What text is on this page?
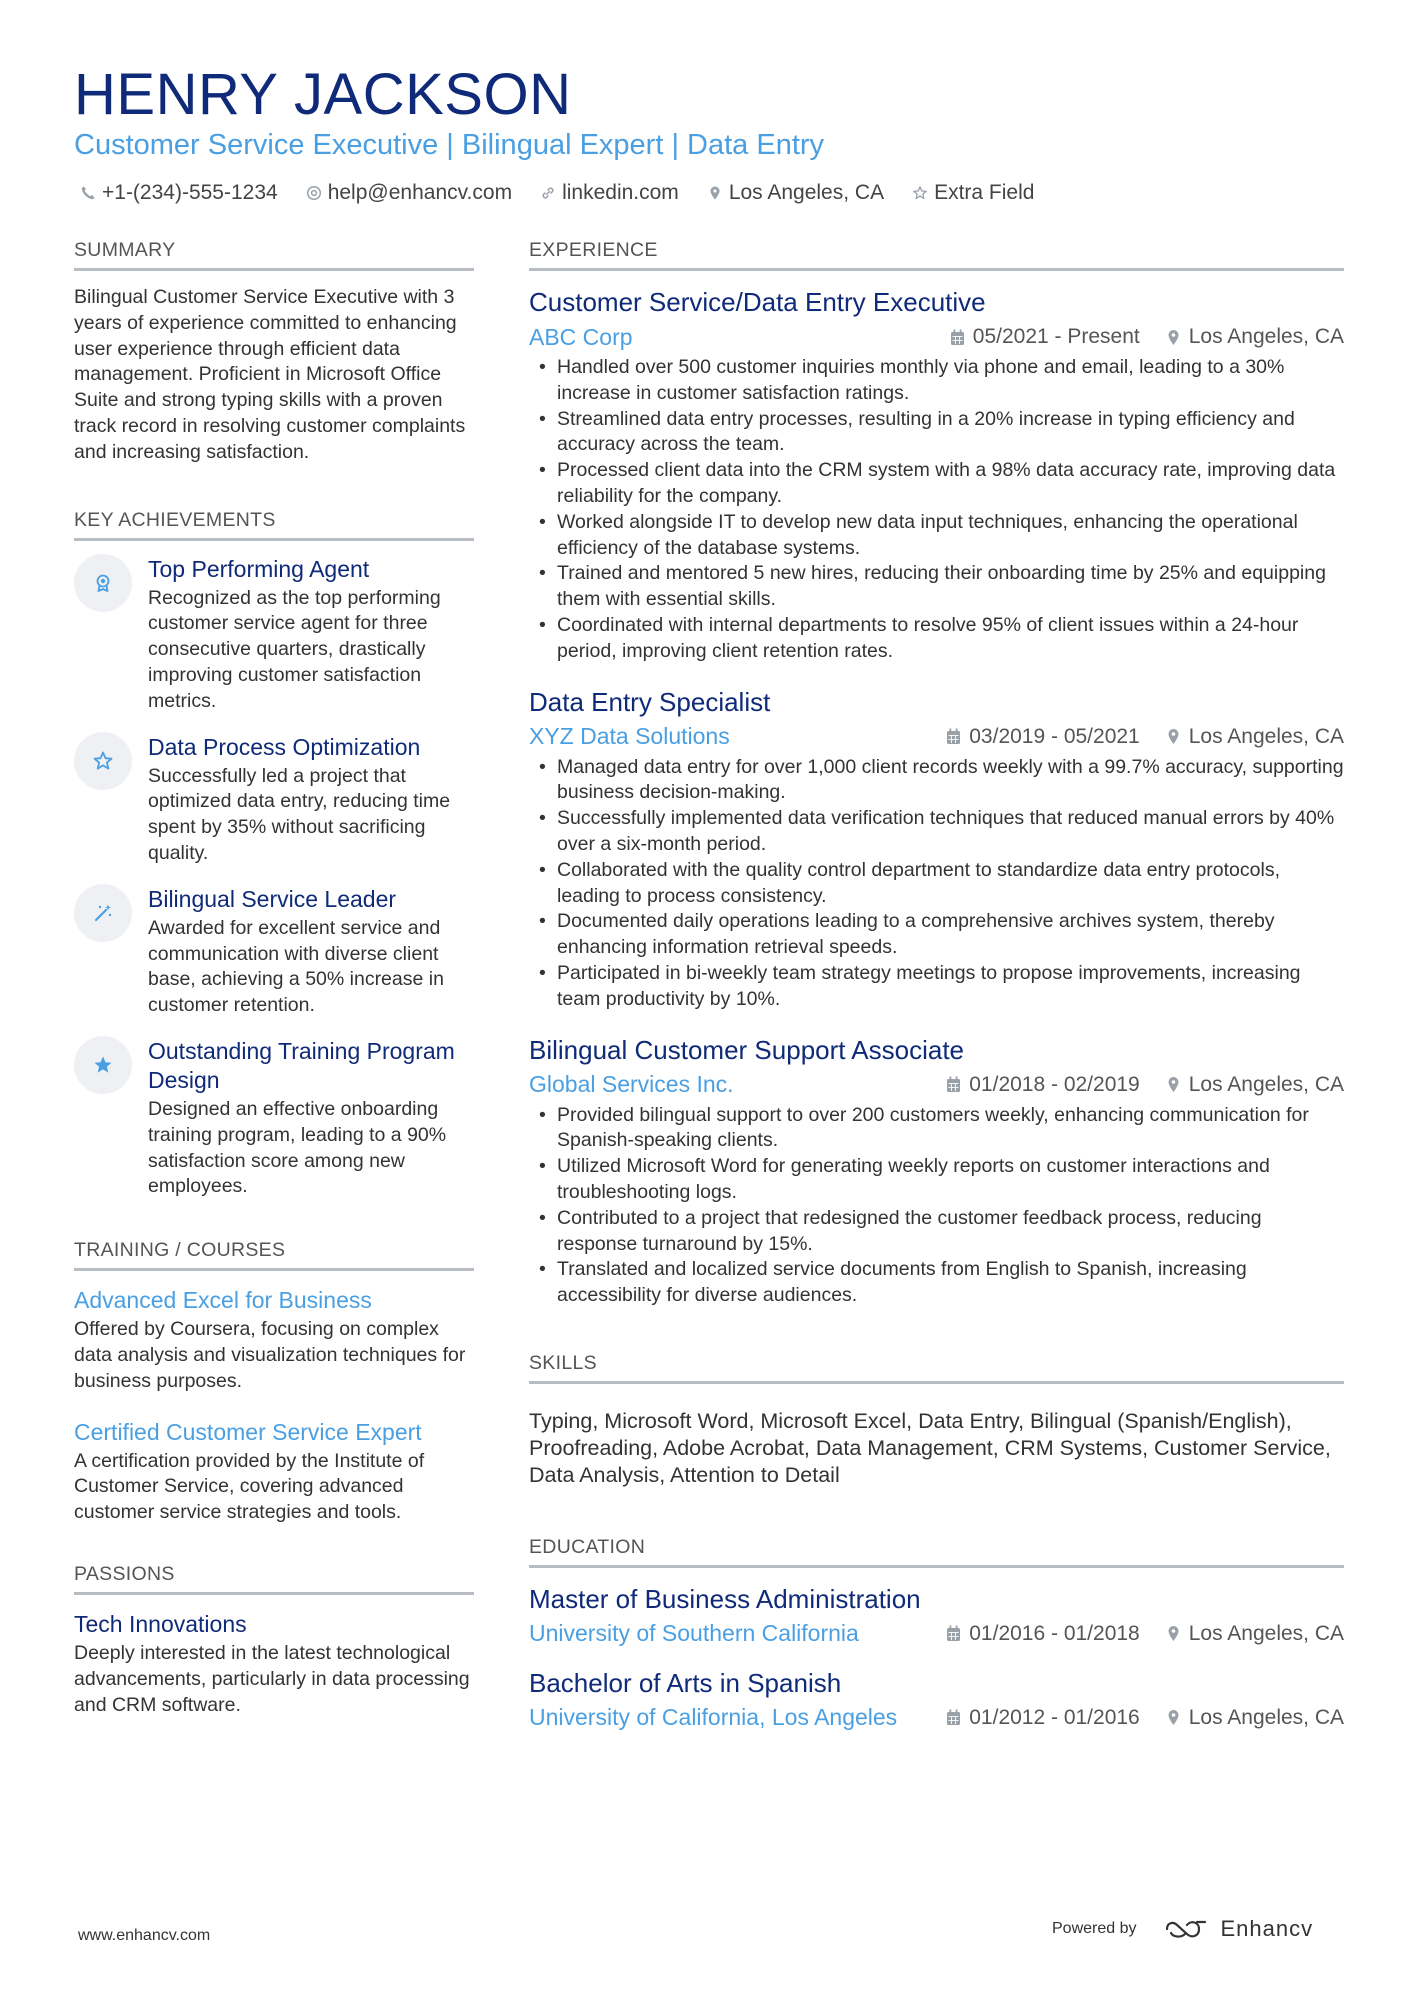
HENRY JACKSON
Customer Service Executive | Bilingual Expert | Data Entry
+1-(234)-555-1234 help@enhancv.com linkedin.com Los Angeles, CA Extra Field
SUMMARY
Bilingual Customer Service Executive with 3 years of experience committed to enhancing user experience through efficient data management. Proficient in Microsoft Office Suite and strong typing skills with a proven track record in resolving customer complaints and increasing satisfaction.
KEY ACHIEVEMENTS
Top Performing Agent
Recognized as the top performing customer service agent for three consecutive quarters, drastically improving customer satisfaction metrics.
Data Process Optimization
Successfully led a project that optimized data entry, reducing time spent by 35% without sacrificing quality.
Bilingual Service Leader
Awarded for excellent service and communication with diverse client base, achieving a 50% increase in customer retention.
Outstanding Training Program Design
Designed an effective onboarding training program, leading to a 90% satisfaction score among new employees.
TRAINING / COURSES
Advanced Excel for Business
Offered by Coursera, focusing on complex data analysis and visualization techniques for business purposes.
Certified Customer Service Expert
A certification provided by the Institute of Customer Service, covering advanced customer service strategies and tools.
PASSIONS
Tech Innovations
Deeply interested in the latest technological advancements, particularly in data processing and CRM software.
EXPERIENCE
Customer Service/Data Entry Executive
ABC Corp	05/2021 - Present Los Angeles, CA
• Handled over 500 customer inquiries monthly via phone and email, leading to a 30% increase in customer satisfaction ratings.
• Streamlined data entry processes, resulting in a 20% increase in typing efficiency and accuracy across the team.
• Processed client data into the CRM system with a 98% data accuracy rate, improving data reliability for the company.
• Worked alongside IT to develop new data input techniques, enhancing the operational efficiency of the database systems.
• Trained and mentored 5 new hires, reducing their onboarding time by 25% and equipping them with essential skills.
• Coordinated with internal departments to resolve 95% of client issues within a 24-hour period, improving client retention rates.
Data Entry Specialist
XYZ Data Solutions	03/2019 - 05/2021 Los Angeles, CA
• Managed data entry for over 1,000 client records weekly with a 99.7% accuracy, supporting business decision-making.
• Successfully implemented data verification techniques that reduced manual errors by 40% over a six-month period.
• Collaborated with the quality control department to standardize data entry protocols, leading to process consistency.
• Documented daily operations leading to a comprehensive archives system, thereby enhancing information retrieval speeds.
• Participated in bi-weekly team strategy meetings to propose improvements, increasing team productivity by 10%.
Bilingual Customer Support Associate
Global Services Inc.	01/2018 - 02/2019 Los Angeles, CA
• Provided bilingual support to over 200 customers weekly, enhancing communication for Spanish-speaking clients.
• Utilized Microsoft Word for generating weekly reports on customer interactions and troubleshooting logs.
• Contributed to a project that redesigned the customer feedback process, reducing response turnaround by 15%.
• Translated and localized service documents from English to Spanish, increasing accessibility for diverse audiences.
SKILLS
Typing, Microsoft Word, Microsoft Excel, Data Entry, Bilingual (Spanish/English), Proofreading, Adobe Acrobat, Data Management, CRM Systems, Customer Service, Data Analysis, Attention to Detail
EDUCATION
Master of Business Administration
University of Southern California	01/2016 - 01/2018 Los Angeles, CA
Bachelor of Arts in Spanish
University of California, Los Angeles	01/2012 - 01/2016 Los Angeles, CA
www.enhancv.com	Powered by	Enhancv
